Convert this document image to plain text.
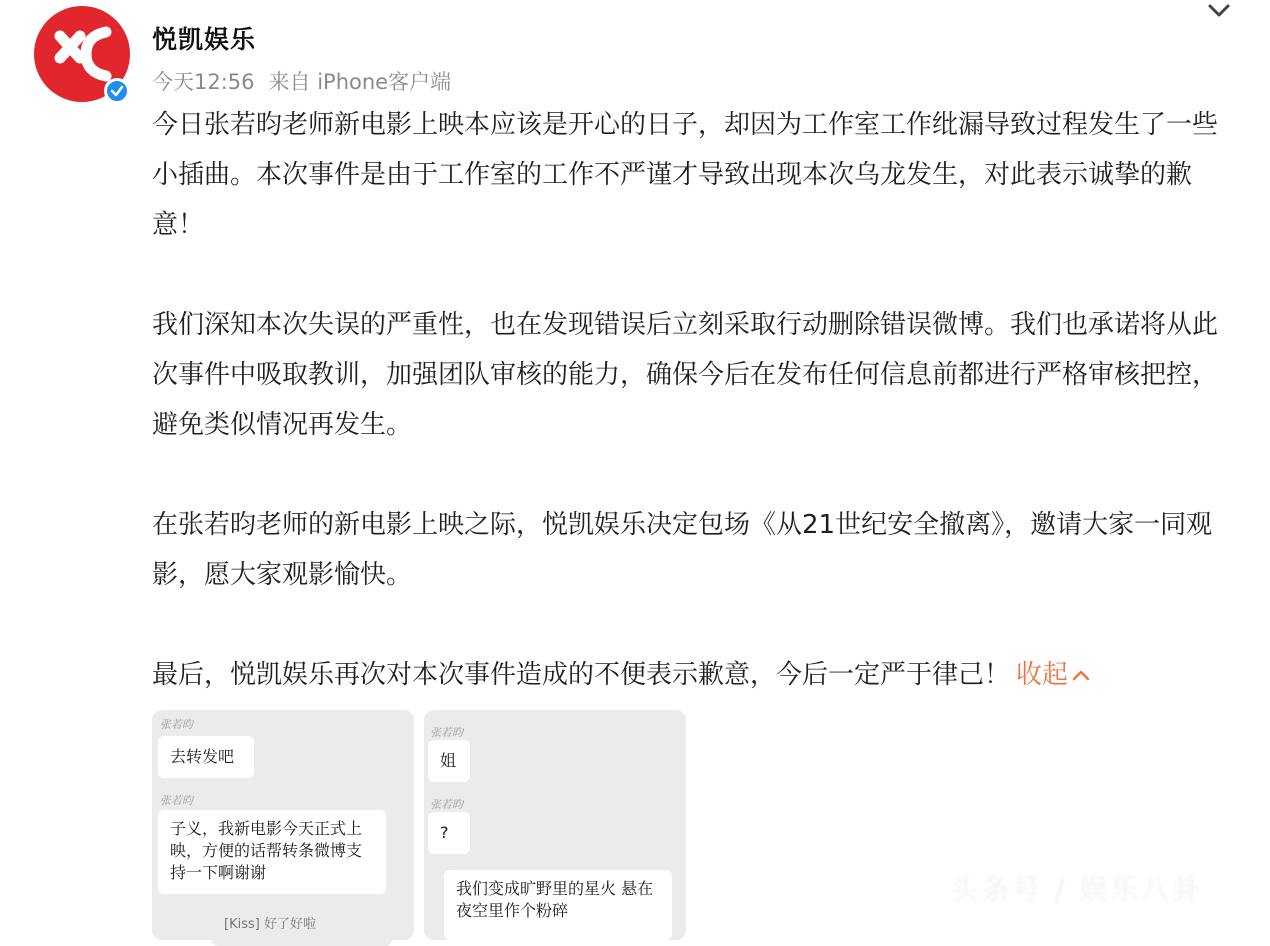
悦凯娱乐
今天12:56 来自 iPhone客户端

今日张若昀老师新电影上映本应该是开心的日子，却因为工作室工作纰漏导致过程发生了一些小插曲。本次事件是由于工作室的工作不严谨才导致出现本次乌龙发生，对此表示诚挚的歉意！

我们深知本次失误的严重性，也在发现错误后立刻采取行动删除错误微博。我们也承诺将从此次事件中吸取教训，加强团队审核的能力，确保今后在发布任何信息前都进行严格审核把控，避免类似情况再发生。

在张若昀老师的新电影上映之际，悦凯娱乐决定包场《从21世纪安全撤离》，邀请大家一同观影，愿大家观影愉快。

最后，悦凯娱乐再次对本次事件造成的不便表示歉意，今后一定严于律己！ 收起

张若昀
去转发吧
张若昀
子义，我新电影今天正式上映，方便的话帮转条微博支持一下啊谢谢
[Kiss] 好了好啦
张若昀
姐
张若昀
?
我们变成旷野里的星火 悬在夜空里作个粉碎
头条号 / 娱乐八卦
